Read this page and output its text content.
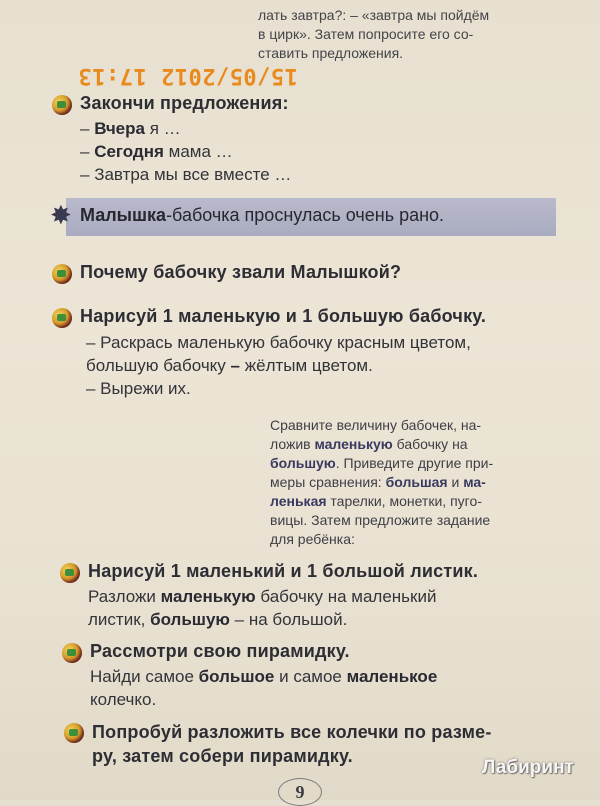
лать завтра?: – «завтра мы пойдём
в цирк». Затем попросите его со-
ставить предложения.
15/05/2012 17:13
Закончи предложения:
– Вчера я …
– Сегодня мама …
– Завтра мы все вместе …
✸ Малышка-бабочка проснулась очень рано.
Почему бабочку звали Малышкой?
Нарисуй 1 маленькую и 1 большую бабочку.
– Раскрась маленькую бабочку красным цветом,
большую бабочку – жёлтым цветом.
– Вырежи их.
Сравните величину бабочек, на-
ложив маленькую бабочку на
большую. Приведите другие при-
меры сравнения: большая и ма-
ленькая тарелки, монетки, пуго-
вицы. Затем предложите задание
для ребёнка:
Нарисуй 1 маленький и 1 большой листик.
Разложи маленькую бабочку на маленький
листик, большую – на большой.
Рассмотри свою пирамидку.
Найди самое большое и самое маленькое
колечко.
Попробуй разложить все колечки по разме-
ру, затем собери пирамидку.
9
Лабиринт
